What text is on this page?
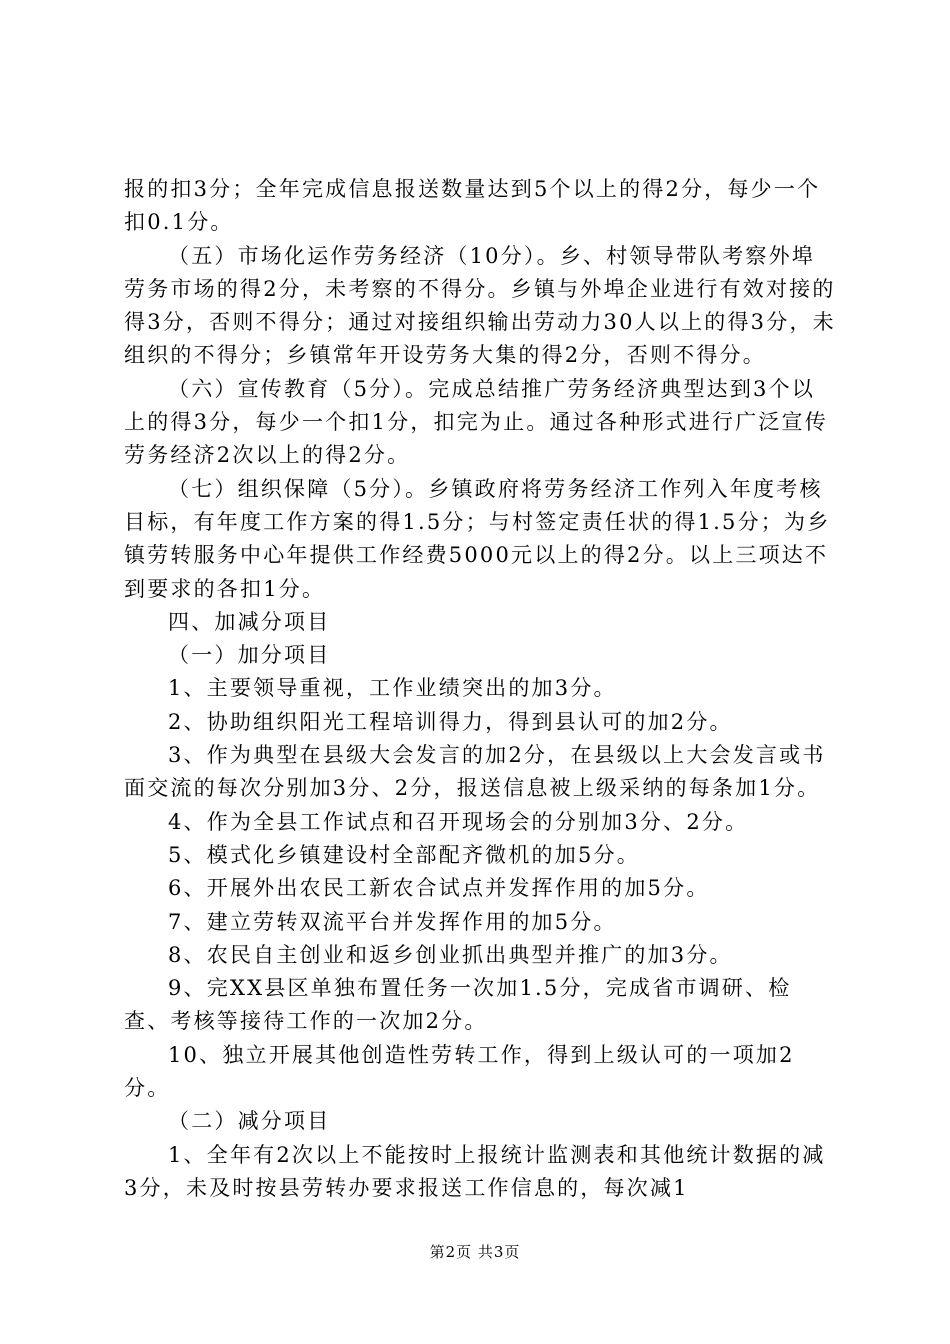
报的扣3分；全年完成信息报送数量达到5个以上的得2分，每少一个扣0.1分。

（五）市场化运作劳务经济（10分）。乡、村领导带队考察外埠劳务市场的得2分，未考察的不得分。乡镇与外埠企业进行有效对接的得3分，否则不得分；通过对接组织输出劳动力30人以上的得3分，未组织的不得分；乡镇常年开设劳务大集的得2分，否则不得分。

（六）宣传教育（5分）。完成总结推广劳务经济典型达到3个以上的得3分，每少一个扣1分，扣完为止。通过各种形式进行广泛宣传劳务经济2次以上的得2分。

（七）组织保障（5分）。乡镇政府将劳务经济工作列入年度考核目标，有年度工作方案的得1.5分；与村签定责任状的得1.5分；为乡镇劳转服务中心年提供工作经费5000元以上的得2分。以上三项达不到要求的各扣1分。

四、加减分项目

（一）加分项目

1、主要领导重视，工作业绩突出的加3分。

2、协助组织阳光工程培训得力，得到县认可的加2分。

3、作为典型在县级大会发言的加2分，在县级以上大会发言或书面交流的每次分别加3分、2分，报送信息被上级采纳的每条加1分。

4、作为全县工作试点和召开现场会的分别加3分、2分。

5、模式化乡镇建设村全部配齐微机的加5分。

6、开展外出农民工新农合试点并发挥作用的加5分。

7、建立劳转双流平台并发挥作用的加5分。

8、农民自主创业和返乡创业抓出典型并推广的加3分。

9、完XX县区单独布置任务一次加1.5分，完成省市调研、检查、考核等接待工作的一次加2分。

10、独立开展其他创造性劳转工作，得到上级认可的一项加2分。

（二）减分项目

1、全年有2次以上不能按时上报统计监测表和其他统计数据的减3分，未及时按县劳转办要求报送工作信息的，每次减1

第2页 共3页
